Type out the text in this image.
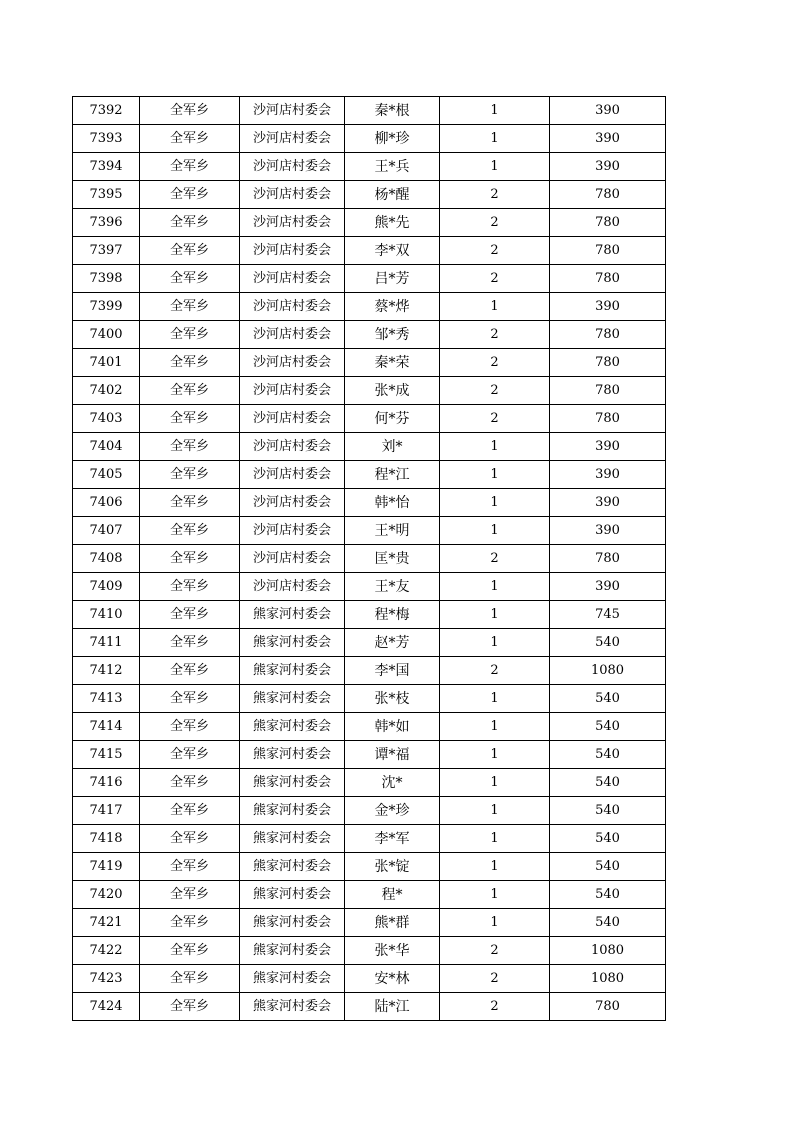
7392	全军乡	沙河店村委会	秦*根	1	390
7393	全军乡	沙河店村委会	柳*珍	1	390
7394	全军乡	沙河店村委会	王*兵	1	390
7395	全军乡	沙河店村委会	杨*醒	2	780
7396	全军乡	沙河店村委会	熊*先	2	780
7397	全军乡	沙河店村委会	李*双	2	780
7398	全军乡	沙河店村委会	吕*芳	2	780
7399	全军乡	沙河店村委会	蔡*烨	1	390
7400	全军乡	沙河店村委会	邹*秀	2	780
7401	全军乡	沙河店村委会	秦*荣	2	780
7402	全军乡	沙河店村委会	张*成	2	780
7403	全军乡	沙河店村委会	何*芬	2	780
7404	全军乡	沙河店村委会	刘*	1	390
7405	全军乡	沙河店村委会	程*江	1	390
7406	全军乡	沙河店村委会	韩*怡	1	390
7407	全军乡	沙河店村委会	王*明	1	390
7408	全军乡	沙河店村委会	匡*贵	2	780
7409	全军乡	沙河店村委会	王*友	1	390
7410	全军乡	熊家河村委会	程*梅	1	745
7411	全军乡	熊家河村委会	赵*芳	1	540
7412	全军乡	熊家河村委会	李*国	2	1080
7413	全军乡	熊家河村委会	张*枝	1	540
7414	全军乡	熊家河村委会	韩*如	1	540
7415	全军乡	熊家河村委会	谭*福	1	540
7416	全军乡	熊家河村委会	沈*	1	540
7417	全军乡	熊家河村委会	金*珍	1	540
7418	全军乡	熊家河村委会	李*军	1	540
7419	全军乡	熊家河村委会	张*锭	1	540
7420	全军乡	熊家河村委会	程*	1	540
7421	全军乡	熊家河村委会	熊*群	1	540
7422	全军乡	熊家河村委会	张*华	2	1080
7423	全军乡	熊家河村委会	安*林	2	1080
7424	全军乡	熊家河村委会	陆*江	2	780
